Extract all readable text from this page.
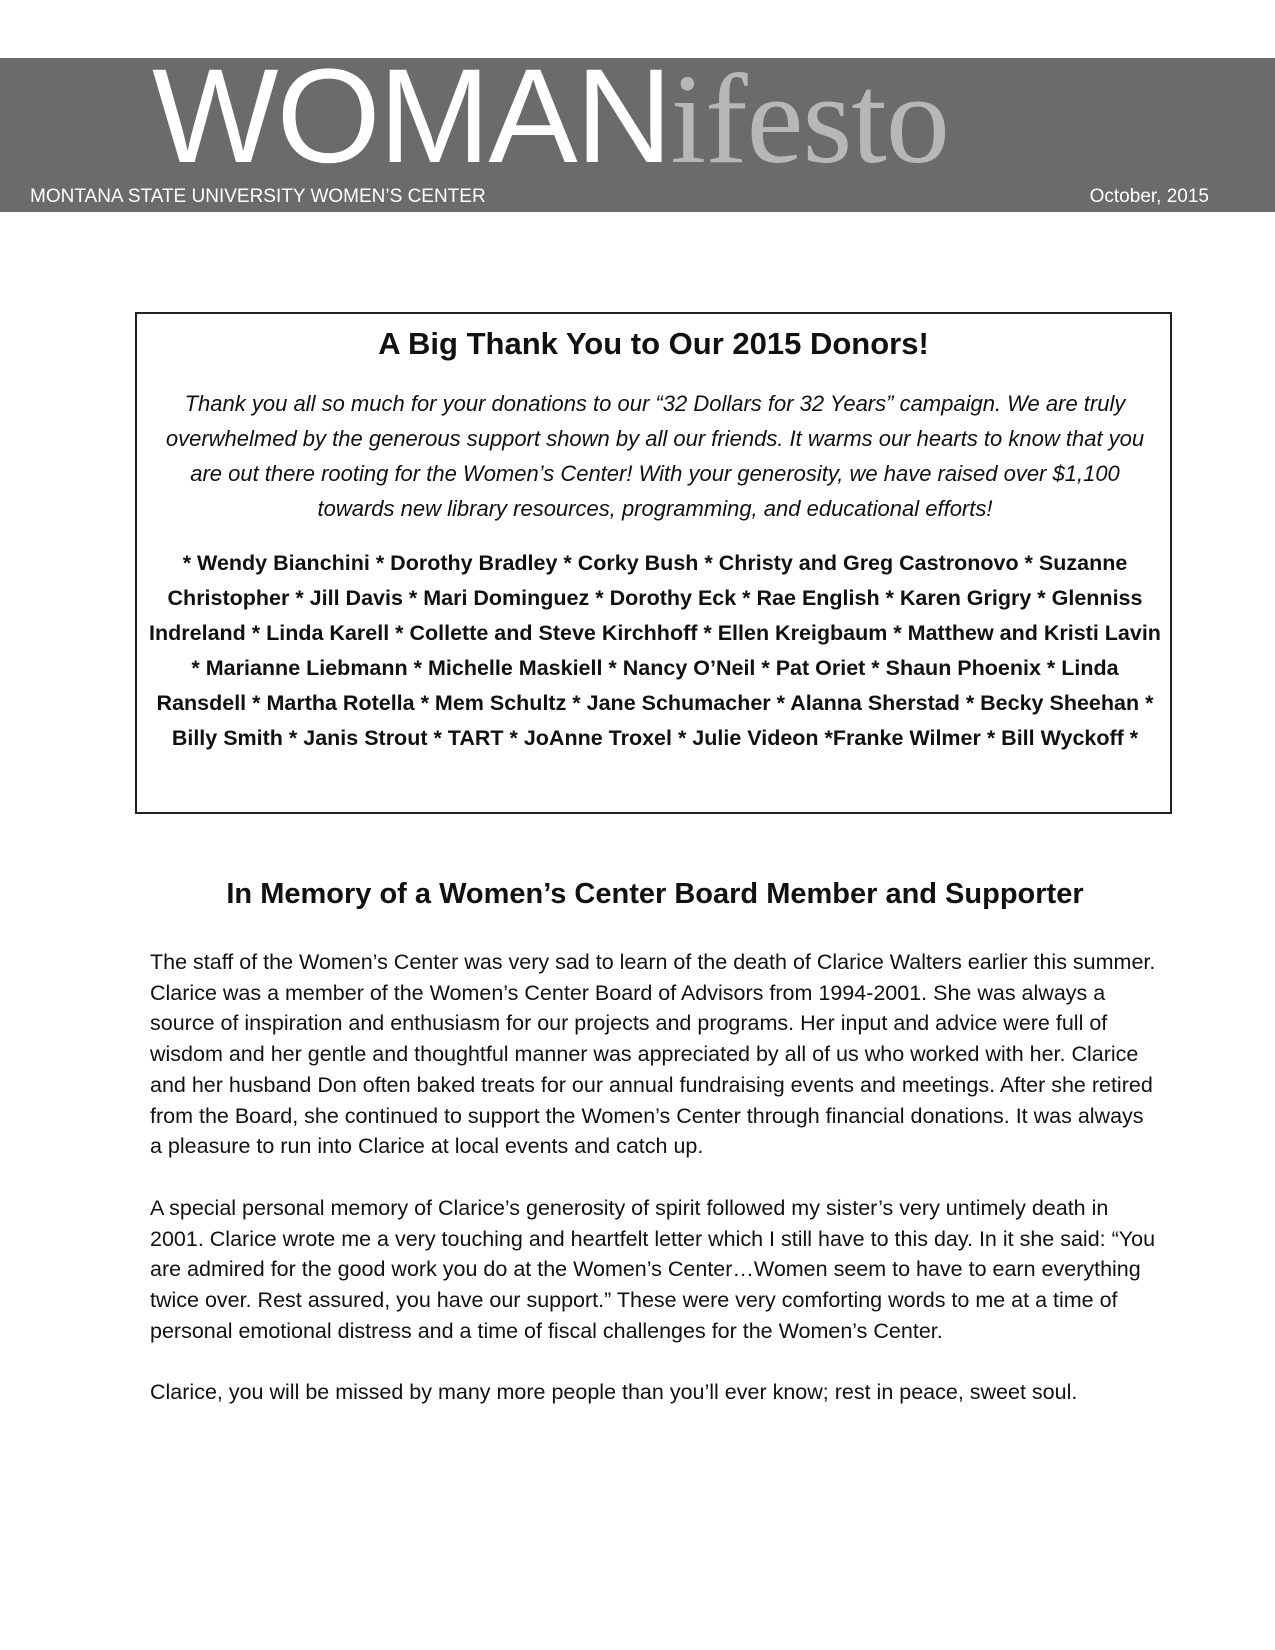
WOMANifesto
MONTANA STATE UNIVERSITY WOMEN’S CENTER	October, 2015
A Big Thank You to Our 2015 Donors!

Thank you all so much for your donations to our “32 Dollars for 32 Years” campaign. We are truly overwhelmed by the generous support shown by all our friends. It warms our hearts to know that you are out there rooting for the Women’s Center! With your generosity, we have raised over $1,100 towards new library resources, programming, and educational efforts!

* Wendy Bianchini * Dorothy Bradley * Corky Bush * Christy and Greg Castronovo * Suzanne Christopher * Jill Davis * Mari Dominguez * Dorothy Eck * Rae English * Karen Grigry * Glenniss Indreland * Linda Karell * Collette and Steve Kirchhoff * Ellen Kreigbaum * Matthew and Kristi Lavin * Marianne Liebmann * Michelle Maskiell * Nancy O’Neil * Pat Oriet * Shaun Phoenix * Linda Ransdell * Martha Rotella * Mem Schultz * Jane Schumacher * Alanna Sherstad * Becky Sheehan * Billy Smith * Janis Strout * TART * JoAnne Troxel * Julie Videon *Franke Wilmer * Bill Wyckoff *

In Memory of a Women’s Center Board Member and Supporter

The staff of the Women’s Center was very sad to learn of the death of Clarice Walters earlier this summer. Clarice was a member of the Women’s Center Board of Advisors from 1994-2001. She was always a source of inspiration and enthusiasm for our projects and programs. Her input and advice were full of wisdom and her gentle and thoughtful manner was appreciated by all of us who worked with her. Clarice and her husband Don often baked treats for our annual fundraising events and meetings. After she retired from the Board, she continued to support the Women’s Center through financial donations. It was always a pleasure to run into Clarice at local events and catch up.

A special personal memory of Clarice’s generosity of spirit followed my sister’s very untimely death in 2001. Clarice wrote me a very touching and heartfelt letter which I still have to this day. In it she said: “You are admired for the good work you do at the Women’s Center…Women seem to have to earn everything twice over. Rest assured, you have our support.” These were very comforting words to me at a time of personal emotional distress and a time of fiscal challenges for the Women’s Center.

Clarice, you will be missed by many more people than you’ll ever know; rest in peace, sweet soul.
